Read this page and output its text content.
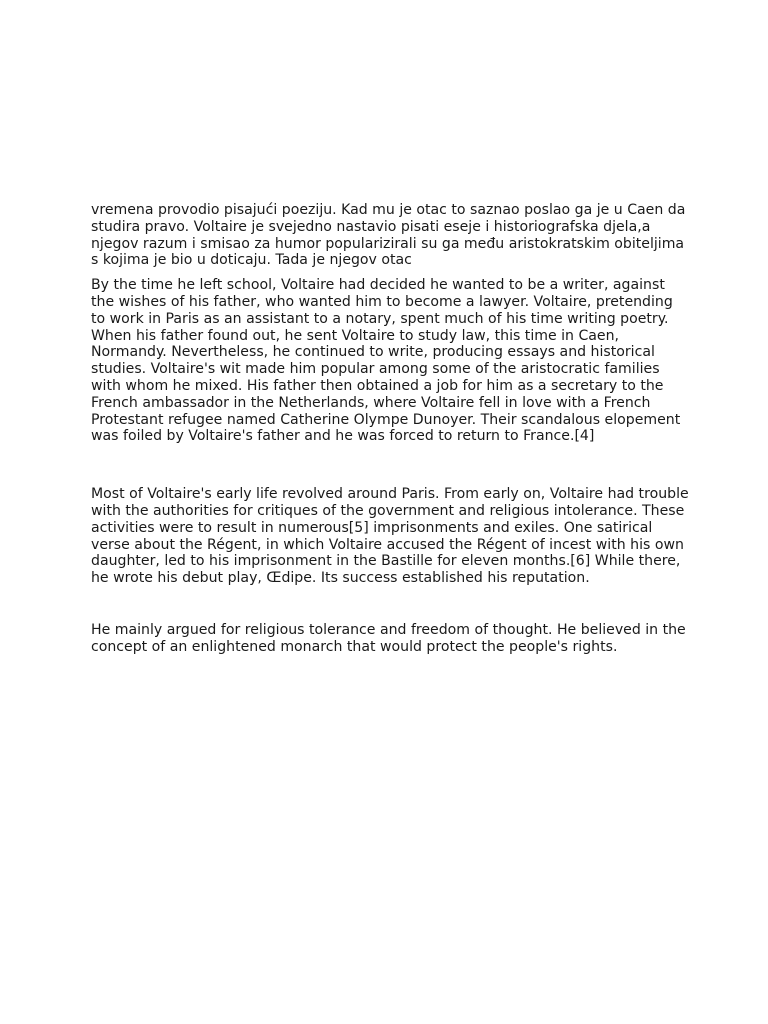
vremena provodio pisajući poeziju. Kad mu je otac to saznao poslao ga je u Caen da studira pravo. Voltaire je svejedno nastavio pisati eseje i historiografska djela,a njegov razum i smisao za humor popularizirali su ga među aristokratskim obiteljima s kojima je bio u doticaju. Tada je njegov otac

By the time he left school, Voltaire had decided he wanted to be a writer, against the wishes of his father, who wanted him to become a lawyer. Voltaire, pretending to work in Paris as an assistant to a notary, spent much of his time writing poetry. When his father found out, he sent Voltaire to study law, this time in Caen, Normandy. Nevertheless, he continued to write, producing essays and historical studies. Voltaire's wit made him popular among some of the aristocratic families with whom he mixed. His father then obtained a job for him as a secretary to the French ambassador in the Netherlands, where Voltaire fell in love with a French Protestant refugee named Catherine Olympe Dunoyer. Their scandalous elopement was foiled by Voltaire's father and he was forced to return to France.[4]

Most of Voltaire's early life revolved around Paris. From early on, Voltaire had trouble with the authorities for critiques of the government and religious intolerance. These activities were to result in numerous[5] imprisonments and exiles. One satirical verse about the Régent, in which Voltaire accused the Régent of incest with his own daughter, led to his imprisonment in the Bastille for eleven months.[6] While there, he wrote his debut play, Œdipe. Its success established his reputation.

He mainly argued for religious tolerance and freedom of thought. He believed in the concept of an enlightened monarch that would protect the people's rights.
